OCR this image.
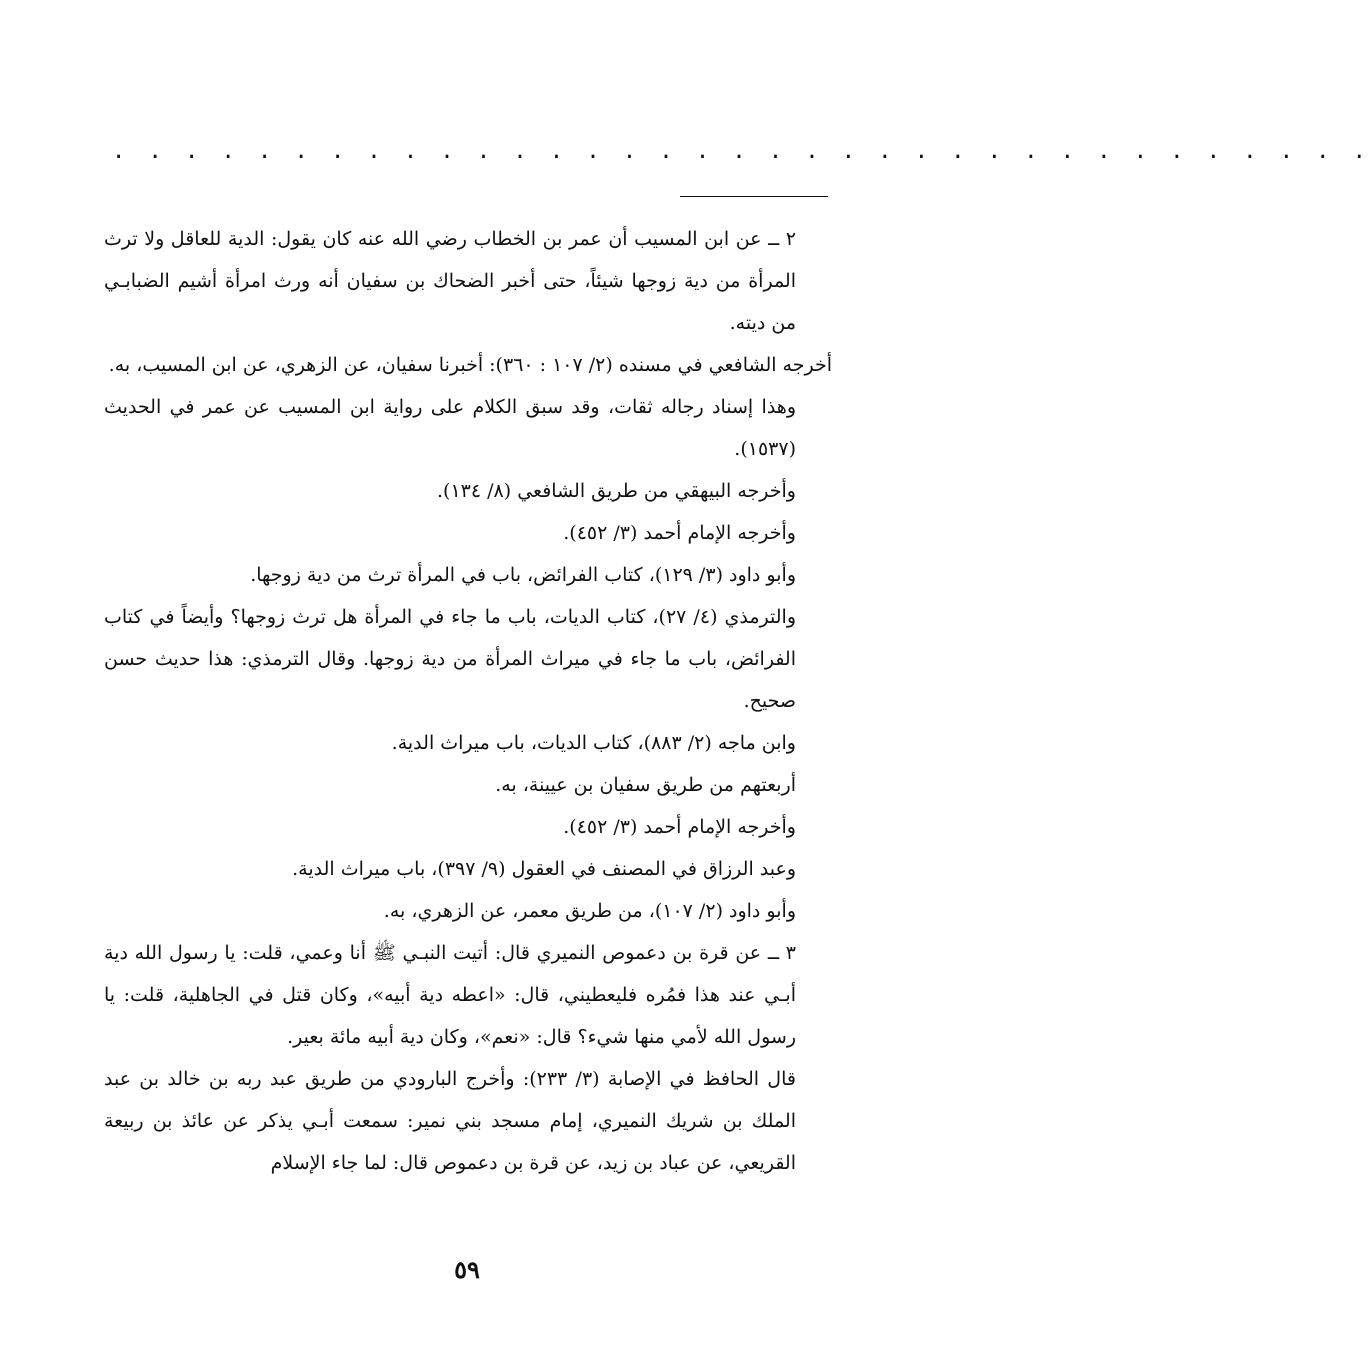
. . . . . . . . . . . . . . . . . . . . . . . . . . . . . . . . . . .

٢ ــ عن ابن المسيب أن عمر بن الخطاب رضي الله عنه كان يقول: الدية للعاقل ولا ترث المرأة من دية زوجها شيئاً، حتى أخبر الضحاك بن سفيان أنه ورث امرأة أشيم الضبابـي من ديته.

أخرجه الشافعي في مسنده (٢/ ١٠٧ : ٣٦٠): أخبرنا سفيان، عن الزهري، عن ابن المسيب، به.

وهذا إسناد رجاله ثقات، وقد سبق الكلام على رواية ابن المسيب عن عمر في الحديث (١٥٣٧).

وأخرجه البيهقي من طريق الشافعي (٨/ ١٣٤).

وأخرجه الإمام أحمد (٣/ ٤٥٢).

وأبو داود (٣/ ١٢٩)، كتاب الفرائض، باب في المرأة ترث من دية زوجها.

والترمذي (٤/ ٢٧)، كتاب الديات، باب ما جاء في المرأة هل ترث زوجها؟ وأيضاً في كتاب الفرائض، باب ما جاء في ميراث المرأة من دية زوجها. وقال الترمذي: هذا حديث حسن صحيح.

وابن ماجه (٢/ ٨٨٣)، كتاب الديات، باب ميراث الدية.

أربعتهم من طريق سفيان بن عيينة، به.

وأخرجه الإمام أحمد (٣/ ٤٥٢).

وعبد الرزاق في المصنف في العقول (٩/ ٣٩٧)، باب ميراث الدية.

وأبو داود (٢/ ١٠٧)، من طريق معمر، عن الزهري، به.

٣ ــ عن قرة بن دعموص النميري قال: أتيت النبـي ﷺ أنا وعمي، قلت: يا رسول الله دية أبـي عند هذا فمُره فليعطيني، قال: «اعطه دية أبيه»، وكان قتل في الجاهلية، قلت: يا رسول الله لأمي منها شيء؟ قال: «نعم»، وكان دية أبيه مائة بعير.

قال الحافظ في الإصابة (٣/ ٢٣٣): وأخرج البارودي من طريق عبد ربه بن خالد بن عبد الملك بن شريك النميري، إمام مسجد بني نمير: سمعت أبـي يذكر عن عائذ بن ربيعة القريعي، عن عباد بن زيد، عن قرة بن دعموص قال: لما جاء الإسلام

٥٩
